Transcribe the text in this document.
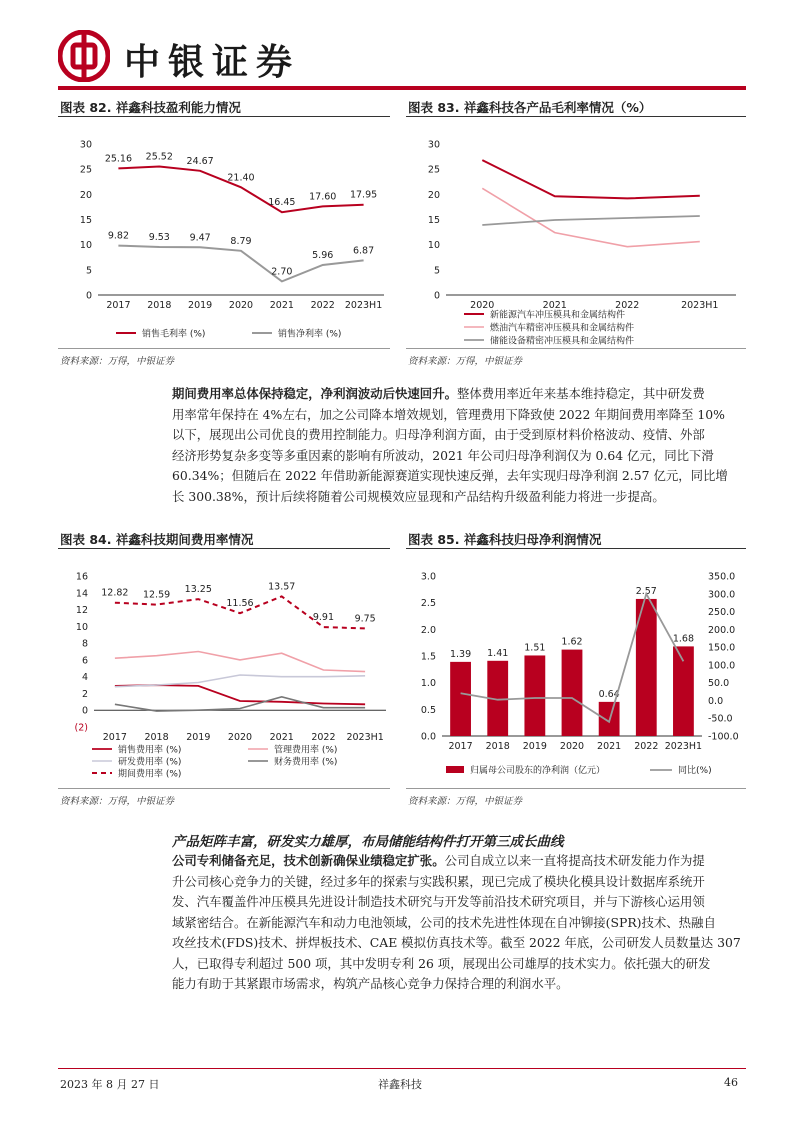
中银证券
图表 82. 祥鑫科技盈利能力情况
0
5
10
15
20
25
30
2017 2018 2019 2020 2021 2022 2023H1
25.16 25.52 24.67
21.40
16.45
17.60 17.95
9.82 9.53 9.47 8.79
2.70
5.96 6.87
销售毛利率 (%)	销售净利率 (%)
资料来源：万得，中银证券
图表 83. 祥鑫科技各产品毛利率情况（%）
0
5
10
15
20
25
30
2020	2021	2022	2023H1
新能源汽车冲压模具和金属结构件
燃油汽车精密冲压模具和金属结构件
储能设备精密冲压模具和金属结构件
资料来源：万得，中银证券
期间费用率总体保持稳定，净利润波动后快速回升。整体费用率近年来基本维持稳定，其中研发费
用率常年保持在 4%左右，加之公司降本增效规划，管理费用下降致使 2022 年期间费用率降至 10%
以下，展现出公司优良的费用控制能力。归母净利润方面，由于受到原材料价格波动、疫情、外部
经济形势复杂多变等多重因素的影响有所波动，2021 年公司归母净利润仅为 0.64 亿元，同比下滑
60.34%；但随后在 2022 年借助新能源赛道实现快速反弹，去年实现归母净利润 2.57 亿元，同比增
长 300.38%，预计后续将随着公司规模效应显现和产品结构升级盈利能力将进一步提高。
图表 84. 祥鑫科技期间费用率情况
(2)
0
2
4
6
8
10
12
14
16
2017 2018 2019 2020 2021 2022 2023H1
12.82 12.59
13.25
11.56
13.57
9.91 9.75
销售费用率 (%)	管理费用率 (%)
研发费用率 (%)	财务费用率 (%)
期间费用率 (%)
资料来源：万得，中银证券
图表 85. 祥鑫科技归母净利润情况
0.0
0.5
1.0
1.5
2.0
2.5
3.0
-100.0
-50.0
0.0
50.0
100.0
150.0
200.0
250.0
300.0
350.0
1.39 1.41 1.51
1.62
0.64
2.57
1.68
2017 2018 2019 2020 2021 2022 2023H1
归属母公司股东的净利润（亿元）	同比(%)
资料来源：万得，中银证券
产品矩阵丰富，研发实力雄厚，布局储能结构件打开第三成长曲线
公司专利储备充足，技术创新确保业绩稳定扩张。公司自成立以来一直将提高技术研发能力作为提
升公司核心竞争力的关键，经过多年的探索与实践积累，现已完成了模块化模具设计数据库系统开
发、汽车覆盖件冲压模具先进设计制造技术研究与开发等前沿技术研究项目，并与下游核心运用领
域紧密结合。在新能源汽车和动力电池领域，公司的技术先进性体现在自冲铆接(SPR)技术、热融自
攻丝技术(FDS)技术、拼焊板技术、CAE 模拟仿真技术等。截至 2022 年底，公司研发人员数量达 307
人，已取得专利超过 500 项，其中发明专利 26 项，展现出公司雄厚的技术实力。依托强大的研发
能力有助于其紧跟市场需求，构筑产品核心竞争力保持合理的利润水平。
2023 年 8 月 27 日	祥鑫科技	46
